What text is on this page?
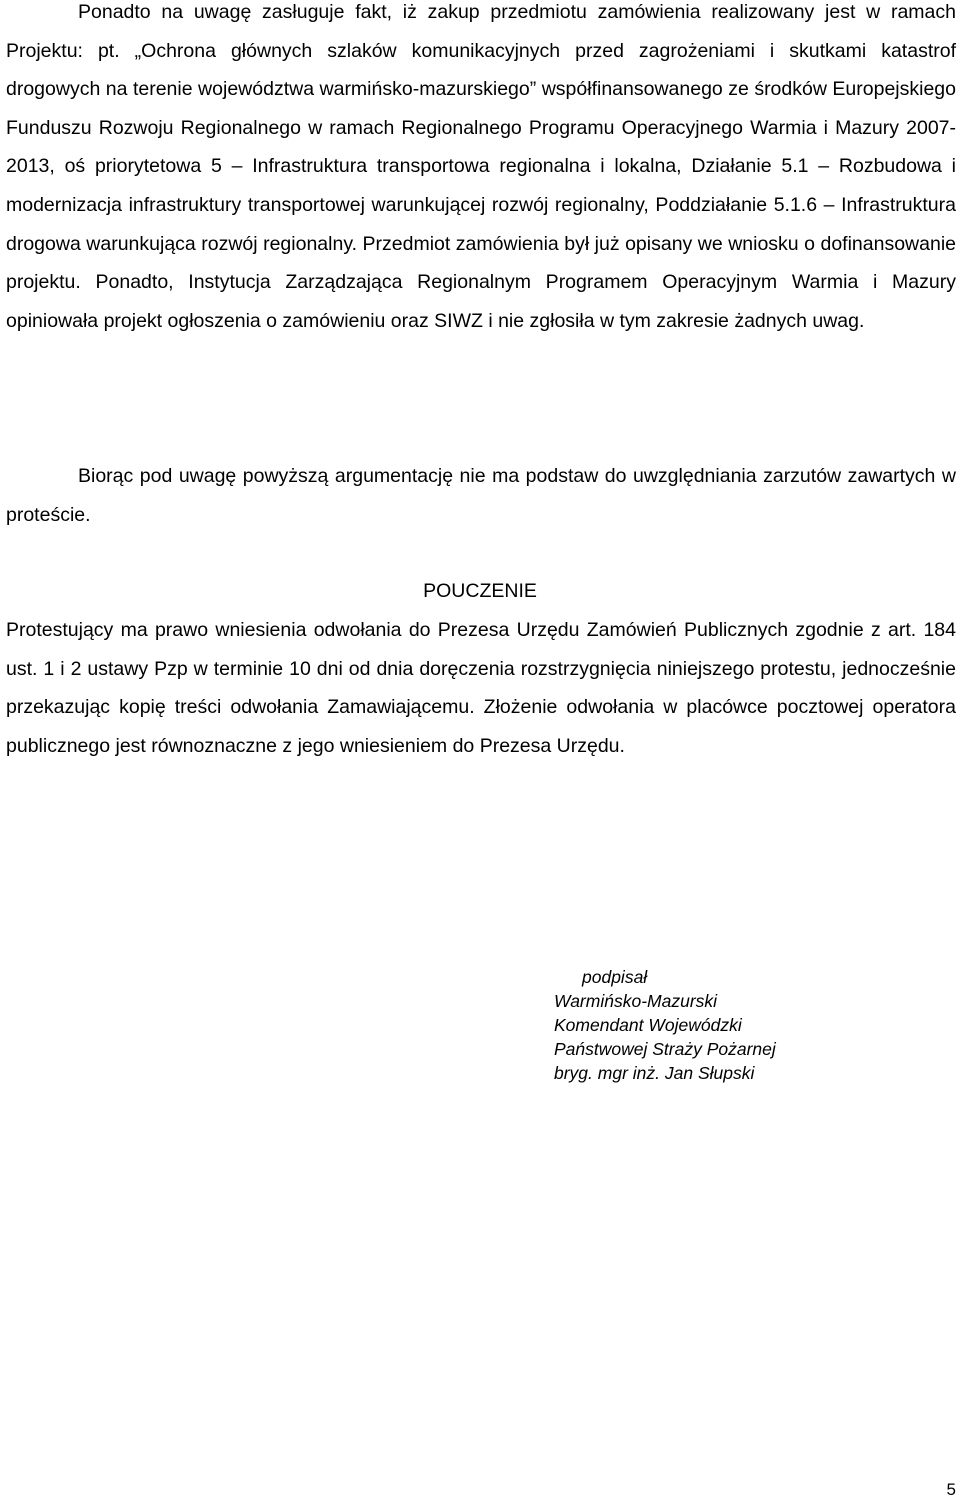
Ponadto na uwagę zasługuje fakt, iż zakup przedmiotu zamówienia realizowany jest w ramach Projektu: pt. „Ochrona głównych szlaków komunikacyjnych przed zagrożeniami i skutkami katastrof drogowych na terenie województwa warmińsko-mazurskiego” współfinansowanego ze środków Europejskiego Funduszu Rozwoju Regionalnego w ramach Regionalnego Programu Operacyjnego Warmia i Mazury 2007-2013, oś priorytetowa 5 – Infrastruktura transportowa regionalna i lokalna, Działanie 5.1 – Rozbudowa i modernizacja infrastruktury transportowej warunkującej rozwój regionalny, Poddziałanie 5.1.6 – Infrastruktura drogowa warunkująca rozwój regionalny. Przedmiot zamówienia był już opisany we wniosku o dofinansowanie projektu. Ponadto, Instytucja Zarządzająca Regionalnym Programem Operacyjnym Warmia i Mazury opiniowała projekt ogłoszenia o zamówieniu oraz SIWZ i nie zgłosiła w tym zakresie żadnych uwag.

Biorąc pod uwagę powyższą argumentację nie ma podstaw do uwzględniania zarzutów zawartych w proteście.

POUCZENIE

Protestujący ma prawo wniesienia odwołania do Prezesa Urzędu Zamówień Publicznych zgodnie z art. 184 ust. 1 i 2 ustawy Pzp w terminie 10 dni od dnia doręczenia rozstrzygnięcia niniejszego protestu, jednocześnie przekazując kopię treści odwołania Zamawiającemu. Złożenie odwołania w placówce pocztowej operatora publicznego jest równoznaczne z jego wniesieniem do Prezesa Urzędu.

podpisał
Warmińsko-Mazurski
Komendant Wojewódzki
Państwowej Straży Pożarnej
bryg. mgr inż. Jan Słupski
5
